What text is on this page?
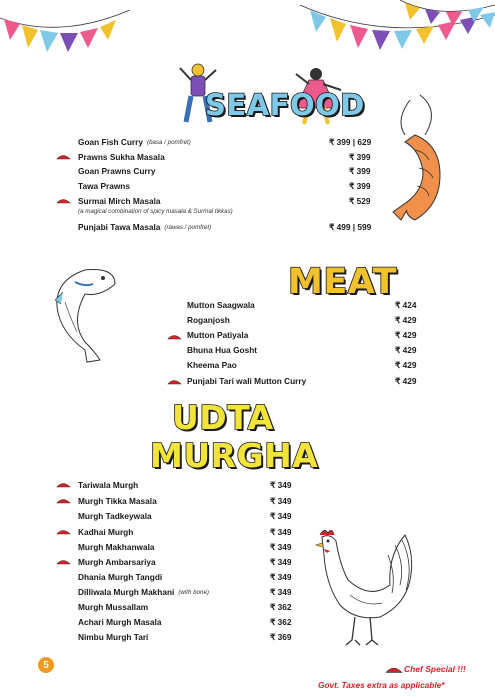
SEAFOOD
Goan Fish Curry (basa / pomfret)	₹ 399 | 629
Prawns Sukha Masala	₹ 399
Goan Prawns Curry	₹ 399
Tawa Prawns	₹ 399
Surmai Mirch Masala	₹ 529
(a magical combination of spicy masala & Surmai tikkas)
Punjabi Tawa Masala (rawas / pomfret)	₹ 499 | 599
MEAT
Mutton Saagwala	₹ 424
Roganjosh	₹ 429
Mutton Patiyala	₹ 429
Bhuna Hua Gosht	₹ 429
Kheema Pao	₹ 429
Punjabi Tari wali Mutton Curry	₹ 429
UDTA
MURGHA
Tariwala Murgh	₹ 349
Murgh Tikka Masala	₹ 349
Murgh Tadkeywala	₹ 349
Kadhai Murgh	₹ 349
Murgh Makhanwala	₹ 349
Murgh Ambarsariya	₹ 349
Dhania Murgh Tangdi	₹ 349
Dilliwala Murgh Makhani (with bone)	₹ 349
Murgh Mussallam	₹ 362
Achari Murgh Masala	₹ 362
Nimbu Murgh Tari	₹ 369
5	Chef Special !!!
Govt. Taxes extra as applicable*
